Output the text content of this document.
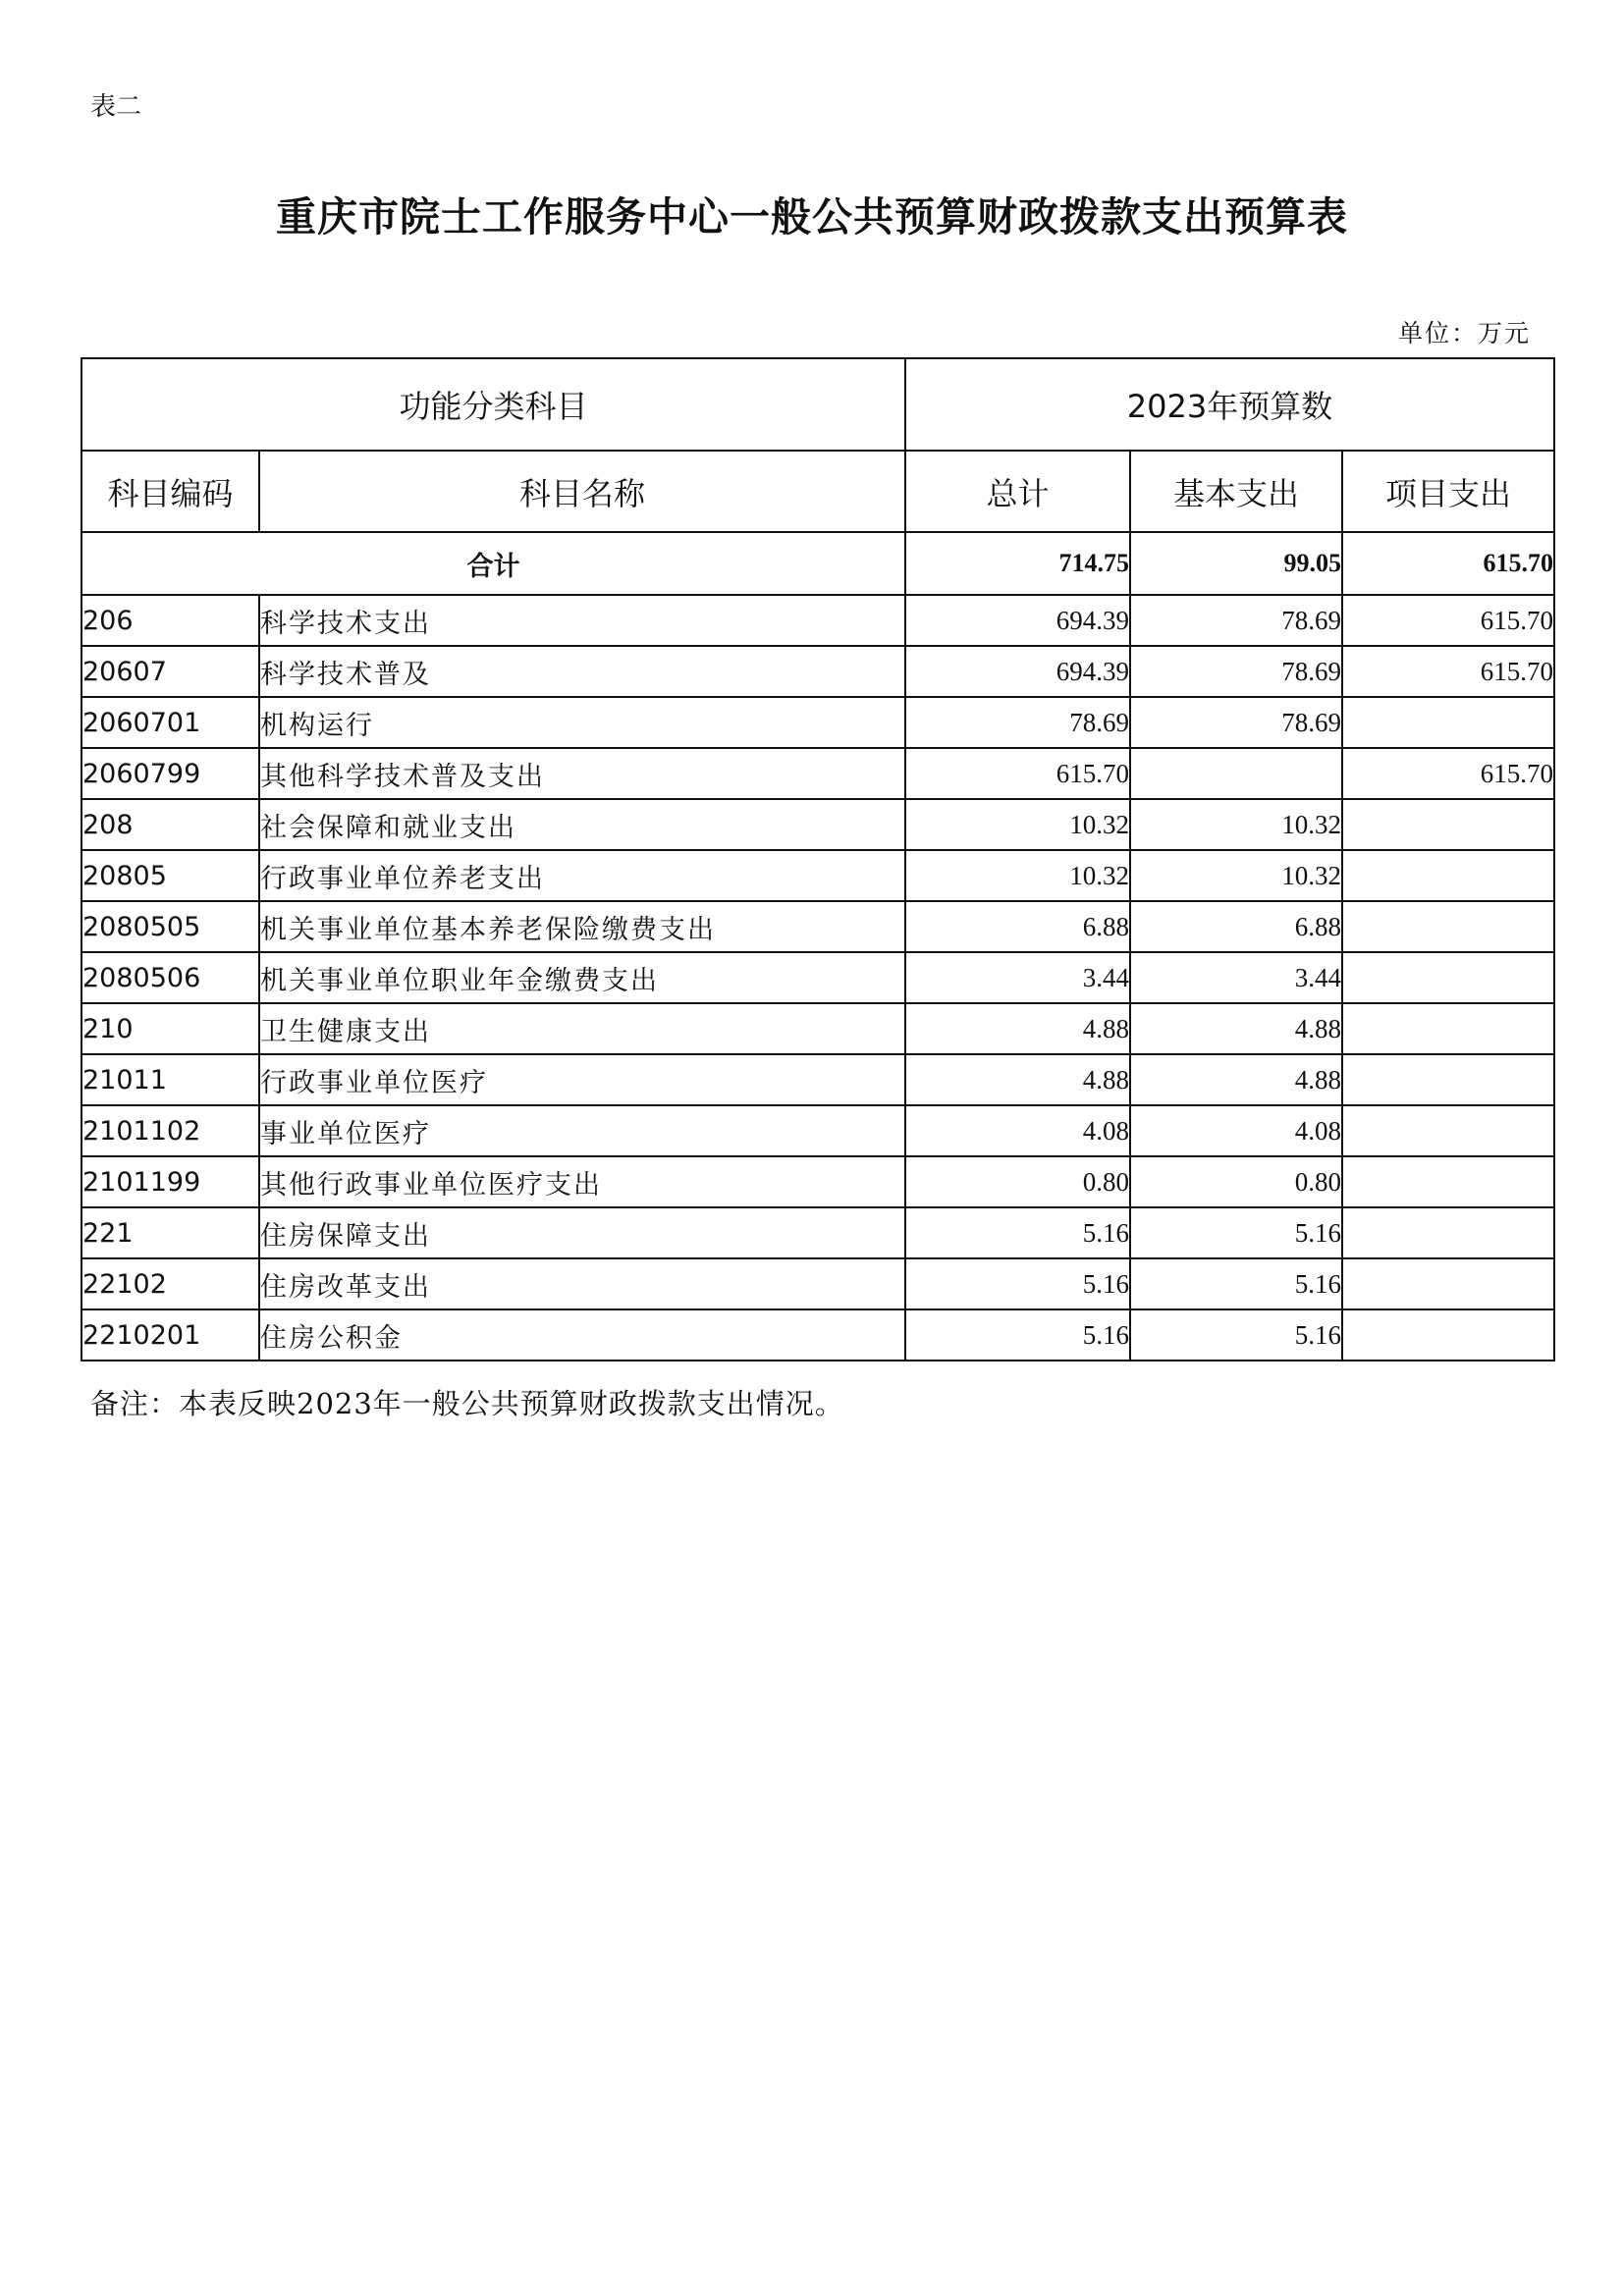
表二
重庆市院士工作服务中心一般公共预算财政拨款支出预算表
单位：万元
功能分类科目		2023年预算数		
科目编码	科目名称	总计	基本支出	项目支出
合计		714.75	99.05	615.70
206	科学技术支出	694.39	78.69	615.70
20607	科学技术普及	694.39	78.69	615.70
2060701	机构运行	78.69	78.69	
2060799	其他科学技术普及支出	615.70		615.70
208	社会保障和就业支出	10.32	10.32	
20805	行政事业单位养老支出	10.32	10.32	
2080505	机关事业单位基本养老保险缴费支出	6.88	6.88	
2080506	机关事业单位职业年金缴费支出	3.44	3.44	
210	卫生健康支出	4.88	4.88	
21011	行政事业单位医疗	4.88	4.88	
2101102	事业单位医疗	4.08	4.08	
2101199	其他行政事业单位医疗支出	0.80	0.80	
221	住房保障支出	5.16	5.16	
22102	住房改革支出	5.16	5.16	
2210201	住房公积金	5.16	5.16	
备注：本表反映2023年一般公共预算财政拨款支出情况。
